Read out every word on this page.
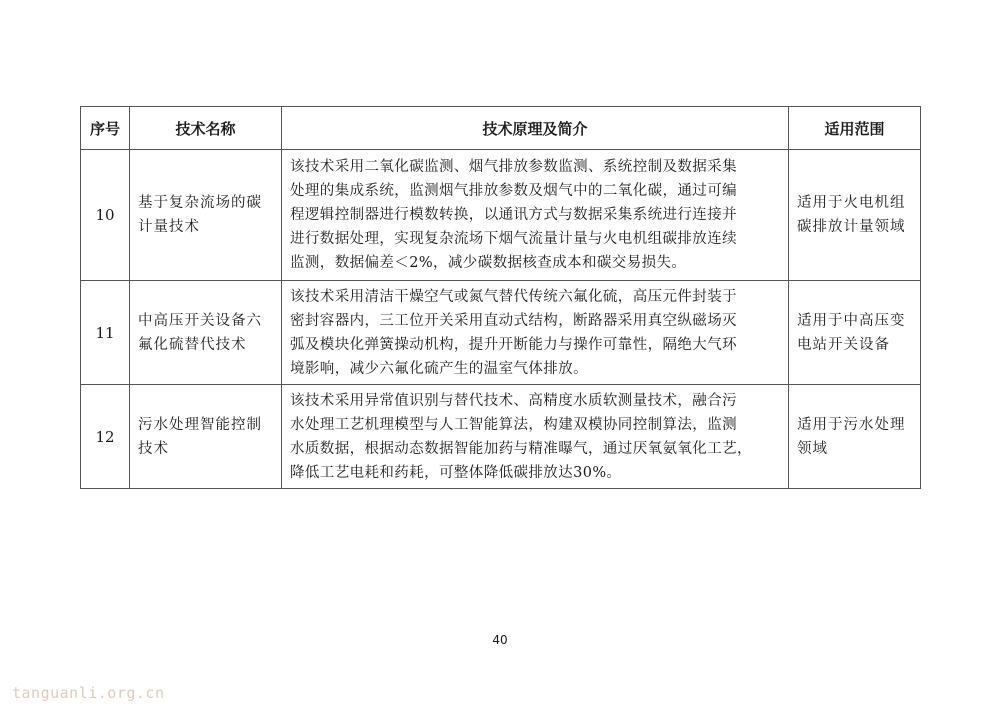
序号	技术名称	技术原理及简介	适用范围
10	基于复杂流场的碳计量技术	该技术采用二氧化碳监测、烟气排放参数监测、系统控制及数据采集
处理的集成系统，监测烟气排放参数及烟气中的二氧化碳，通过可编
程逻辑控制器进行模数转换，以通讯方式与数据采集系统进行连接并
进行数据处理，实现复杂流场下烟气流量计量与火电机组碳排放连续
监测，数据偏差＜2%，减少碳数据核查成本和碳交易损失。	适用于火电机组碳排放计量领域
11	中高压开关设备六氟化硫替代技术	该技术采用清洁干燥空气或氮气替代传统六氟化硫，高压元件封装于
密封容器内，三工位开关采用直动式结构，断路器采用真空纵磁场灭
弧及模块化弹簧操动机构，提升开断能力与操作可靠性，隔绝大气环
境影响，减少六氟化硫产生的温室气体排放。	适用于中高压变电站开关设备
12	污水处理智能控制技术	该技术采用异常值识别与替代技术、高精度水质软测量技术，融合污
水处理工艺机理模型与人工智能算法，构建双模协同控制算法，监测
水质数据，根据动态数据智能加药与精准曝气，通过厌氧氨氧化工艺，
降低工艺电耗和药耗，可整体降低碳排放达30%。	适用于污水处理领域
40
tanguanli.org.cn
